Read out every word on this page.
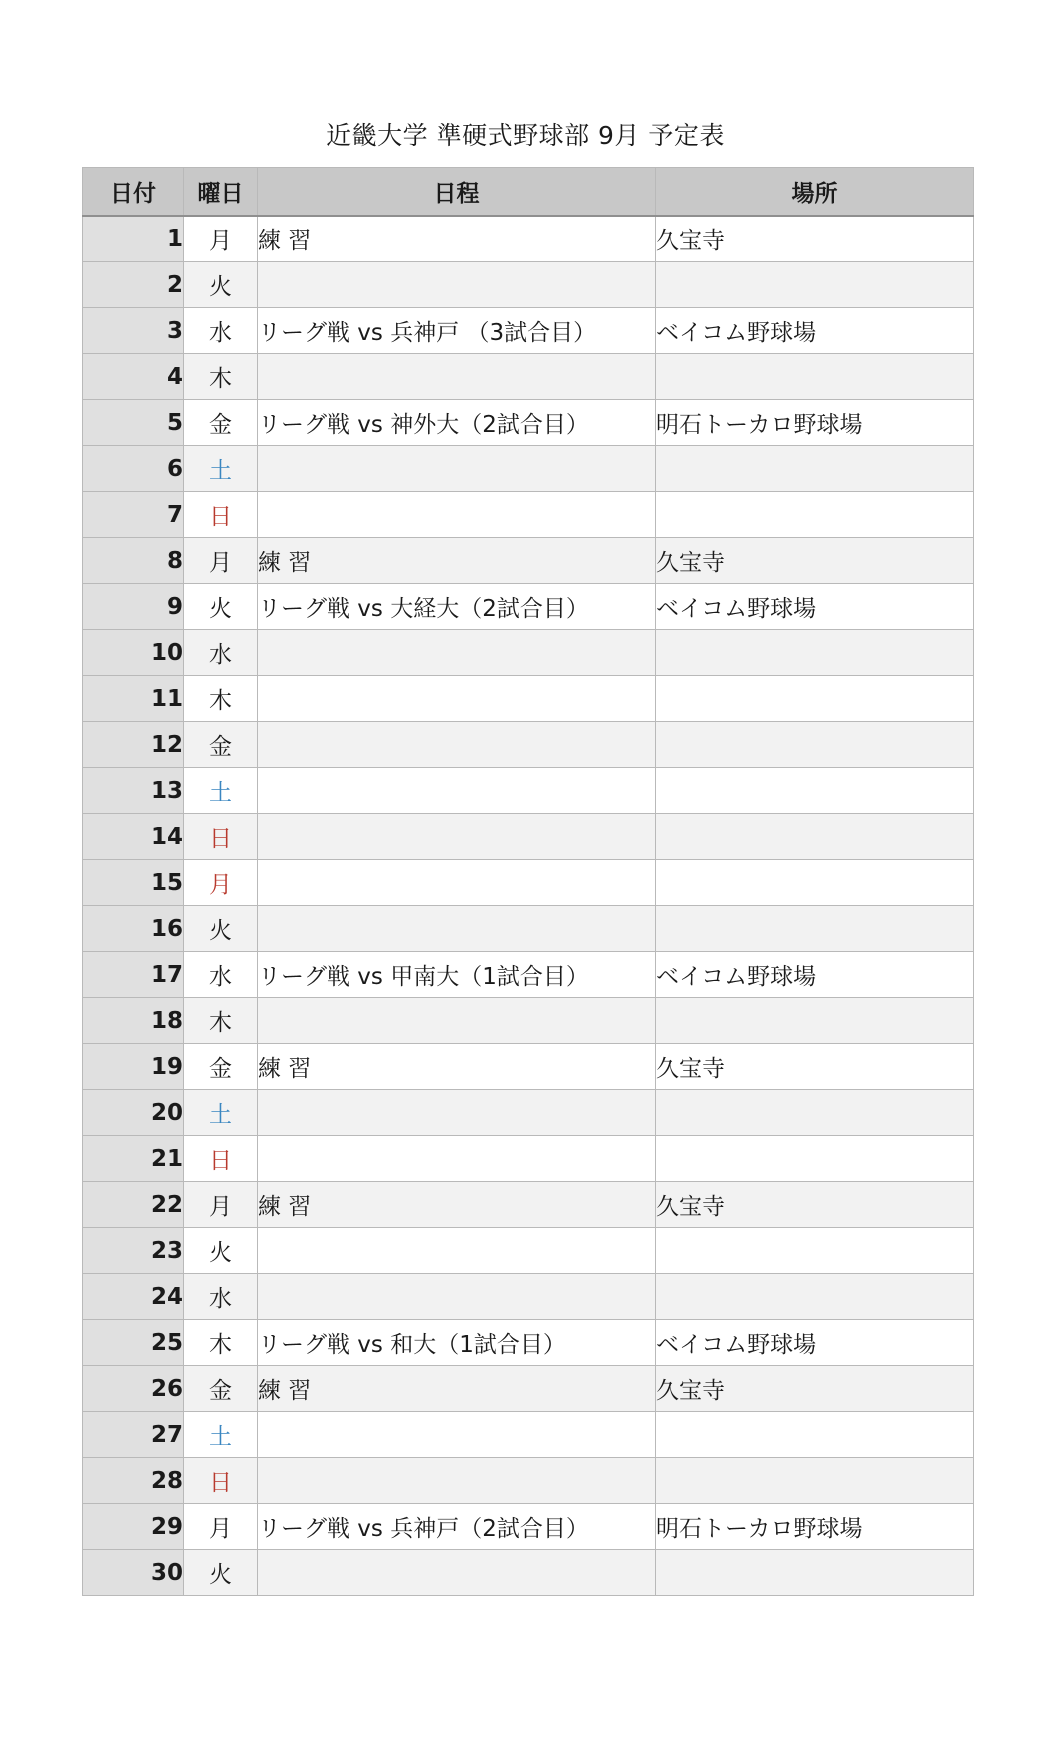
近畿大学 準硬式野球部 9月 予定表
日付	曜日	日程	場所
1	月	練 習	久宝寺
2	火		
3	水	リーグ戦 vs 兵神戸 （3試合目）	ベイコム野球場
4	木		
5	金	リーグ戦 vs 神外大（2試合目）	明石トーカロ野球場
6	土		
7	日		
8	月	練 習	久宝寺
9	火	リーグ戦 vs 大経大（2試合目）	ベイコム野球場
10	水		
11	木		
12	金		
13	土		
14	日		
15	月		
16	火		
17	水	リーグ戦 vs 甲南大（1試合目）	ベイコム野球場
18	木		
19	金	練 習	久宝寺
20	土		
21	日		
22	月	練 習	久宝寺
23	火		
24	水		
25	木	リーグ戦 vs 和大（1試合目）	ベイコム野球場
26	金	練 習	久宝寺
27	土		
28	日		
29	月	リーグ戦 vs 兵神戸（2試合目）	明石トーカロ野球場
30	火		
